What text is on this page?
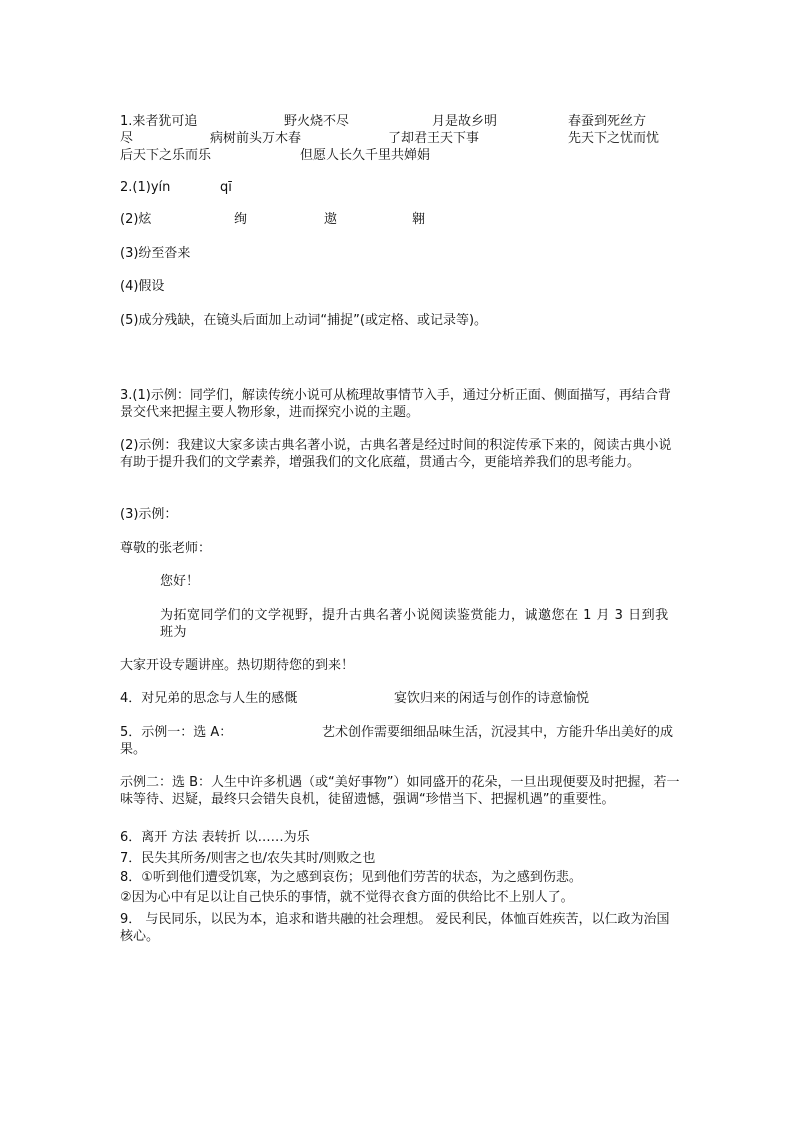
1.来者犹可追	野火烧不尽	月是故乡明	春蚕到死丝方
尽	病树前头万木春	了却君王天下事	先天下之忧而忧
后天下之乐而乐	但愿人长久千里共婵娟
2.(1)yín	qī
(2)炫	绚	遨	翱
(3)纷至沓来
(4)假设
(5)成分残缺，在镜头后面加上动词“捕捉”(或定格、或记录等)。
3.(1)示例：同学们，解读传统小说可从梳理故事情节入手，通过分析正面、侧面描写，再结合背景交代来把握主要人物形象，进而探究小说的主题。
(2)示例：我建议大家多读古典名著小说，古典名著是经过时间的积淀传承下来的，阅读古典小说有助于提升我们的文学素养，增强我们的文化底蕴，贯通古今，更能培养我们的思考能力。
(3)示例：
尊敬的张老师：
您好！
为拓宽同学们的文学视野，提升古典名著小说阅读鉴赏能力，诚邀您在 1 月 3 日到我班为
大家开设专题讲座。热切期待您的到来！
4．对兄弟的思念与人生的感慨	宴饮归来的闲适与创作的诗意愉悦
5．示例一：选 A：	艺术创作需要细细品味生活，沉浸其中，方能升华出美好的成果。
示例二：选 B：人生中许多机遇（或“美好事物”）如同盛开的花朵，一旦出现便要及时把握，若一味等待、迟疑，最终只会错失良机，徒留遗憾，强调“珍惜当下、把握机遇”的重要性。
6．离开 方法 表转折 以……为乐
7．民失其所务/则害之也/农失其时/则败之也
8．①听到他们遭受饥寒，为之感到哀伤；见到他们劳苦的状态，为之感到伤悲。
②因为心中有足以让自己快乐的事情，就不觉得衣食方面的供给比不上别人了。
9． 与民同乐，以民为本，追求和谐共融的社会理想。 爱民利民，体恤百姓疾苦，以仁政为治国核心。
